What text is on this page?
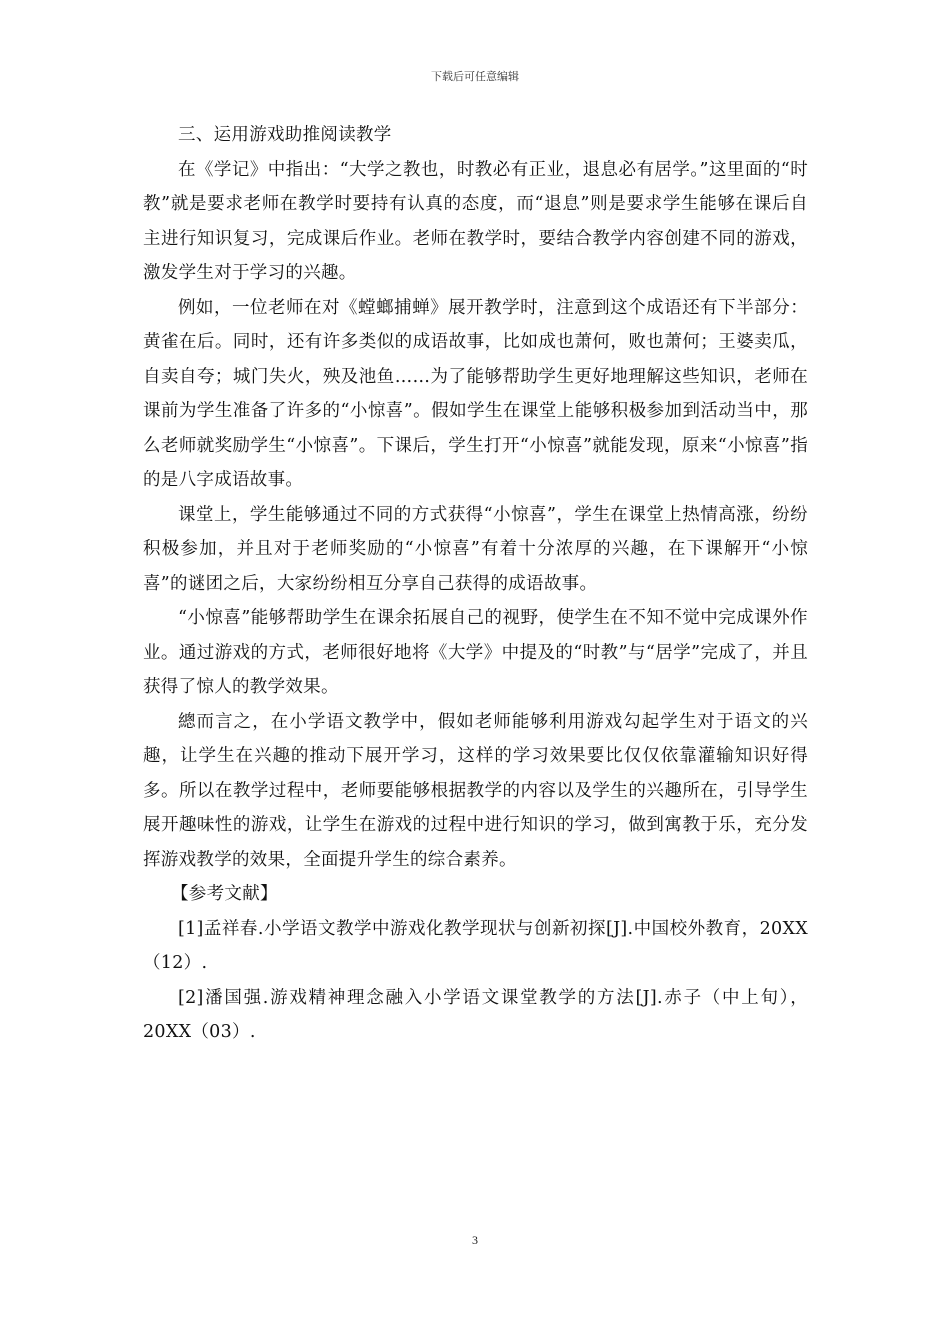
下载后可任意编辑

三、运用游戏助推阅读教学

在《学记》中指出：“大学之教也，时教必有正业，退息必有居学。”这里面的“时教”就是要求老师在教学时要持有认真的态度，而“退息”则是要求学生能够在课后自主进行知识复习，完成课后作业。老师在教学时，要结合教学内容创建不同的游戏，激发学生对于学习的兴趣。

例如，一位老师在对《螳螂捕蝉》展开教学时，注意到这个成语还有下半部分：黄雀在后。同时，还有许多类似的成语故事，比如成也萧何，败也萧何；王婆卖瓜，自卖自夸；城门失火，殃及池鱼……为了能够帮助学生更好地理解这些知识，老师在课前为学生准备了许多的“小惊喜”。假如学生在课堂上能够积极参加到活动当中，那么老师就奖励学生“小惊喜”。下课后，学生打开“小惊喜”就能发现，原来“小惊喜”指的是八字成语故事。

课堂上，学生能够通过不同的方式获得“小惊喜”，学生在课堂上热情高涨，纷纷积极参加，并且对于老师奖励的“小惊喜”有着十分浓厚的兴趣，在下课解开“小惊喜”的谜团之后，大家纷纷相互分享自己获得的成语故事。

“小惊喜”能够帮助学生在课余拓展自己的视野，使学生在不知不觉中完成课外作业。通过游戏的方式，老师很好地将《大学》中提及的“时教”与“居学”完成了，并且获得了惊人的教学效果。

總而言之，在小学语文教学中，假如老师能够利用游戏勾起学生对于语文的兴趣，让学生在兴趣的推动下展开学习，这样的学习效果要比仅仅依靠灌输知识好得多。所以在教学过程中，老师要能够根据教学的内容以及学生的兴趣所在，引导学生展开趣味性的游戏，让学生在游戏的过程中进行知识的学习，做到寓教于乐，充分发挥游戏教学的效果，全面提升学生的综合素养。

【参考文献】

[1]孟祥春.小学语文教学中游戏化教学现状与创新初探[J].中国校外教育，20XX（12）.

[2]潘国强.游戏精神理念融入小学语文课堂教学的方法[J].赤子（中上旬），20XX（03）.

3
